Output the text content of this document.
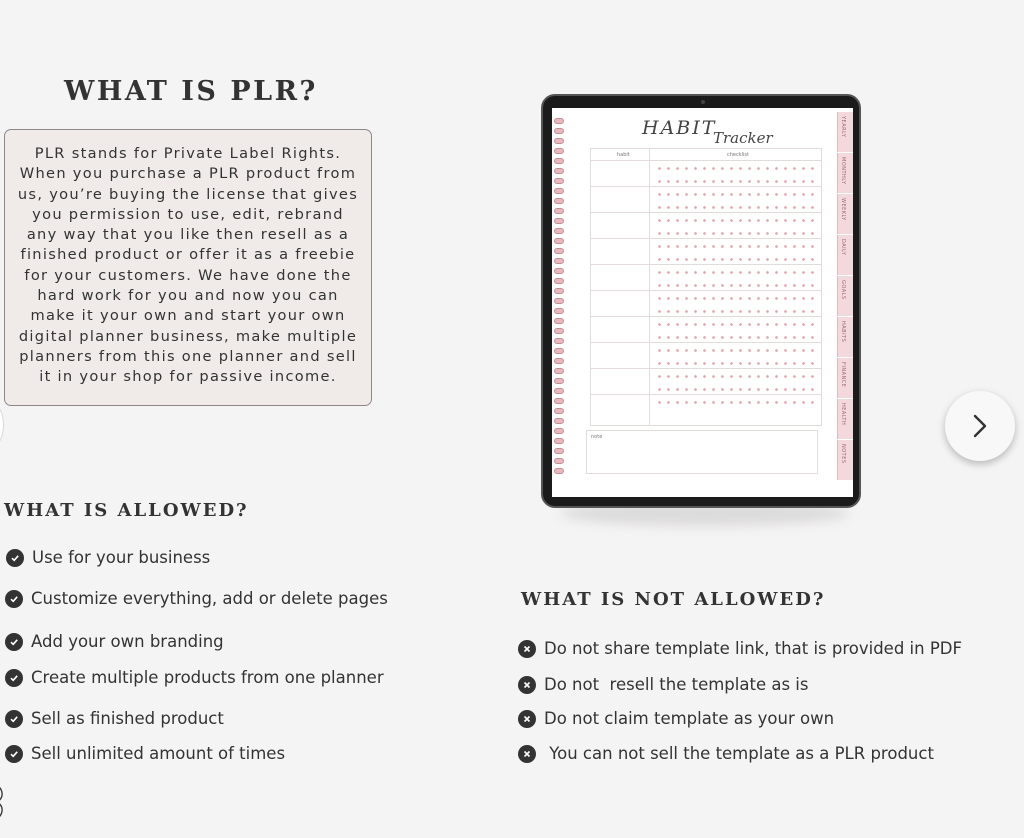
WHAT IS PLR?
PLR stands for Private Label Rights.
When you purchase a PLR product from
us, you’re buying the license that gives
you permission to use, edit, rebrand
any way that you like then resell as a
finished product or offer it as a freebie
for your customers. We have done the
hard work for you and now you can
make it your own and start your own
digital planner business, make multiple
planners from this one planner and sell
it in your shop for passive income.
WHAT IS ALLOWED?
Use for your business
Customize everything, add or delete pages
Add your own branding
Create multiple products from one planner
Sell as finished product
Sell unlimited amount of times
HABIT
Tracker
habit	checklist
note
YEARLY
MONTHLY
WEEKLY
DAILY
GOALS
HABITS
FINANCE
HEALTH
NOTES
WHAT IS NOT ALLOWED?
Do not share template link, that is provided in PDF
Do not  resell the template as is
Do not claim template as your own
You can not sell the template as a PLR product
